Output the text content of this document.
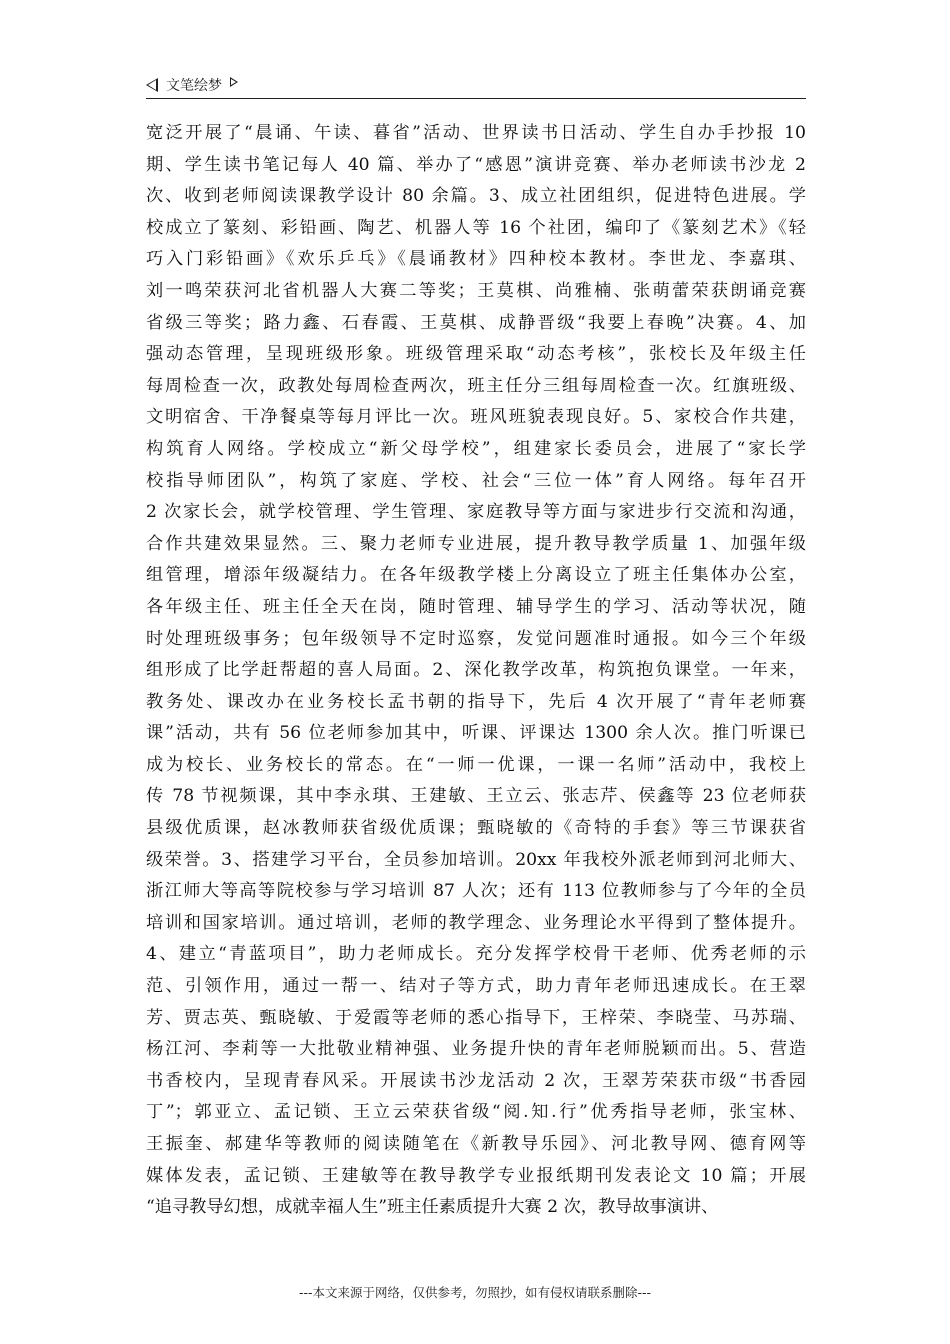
文笔绘梦
宽泛开展了“晨诵、午读、暮省”活动、世界读书日活动、学生自办手抄报 10
期、学生读书笔记每人 40 篇、举办了“感恩”演讲竞赛、举办老师读书沙龙 2
次、收到老师阅读课教学设计 80 余篇。3、成立社团组织，促进特色进展。学
校成立了篆刻、彩铅画、陶艺、机器人等 16 个社团，编印了《篆刻艺术》《轻
巧入门彩铅画》《欢乐乒乓》《晨诵教材》四种校本教材。李世龙、李嘉琪、
刘一鸣荣获河北省机器人大赛二等奖；王莫棋、尚雅楠、张萌蕾荣获朗诵竞赛
省级三等奖；路力鑫、石春霞、王莫棋、成静晋级“我要上春晚”决赛。4、加
强动态管理，呈现班级形象。班级管理采取“动态考核”，张校长及年级主任
每周检查一次，政教处每周检查两次，班主任分三组每周检查一次。红旗班级、
文明宿舍、干净餐桌等每月评比一次。班风班貌表现良好。5、家校合作共建，
构筑育人网络。学校成立“新父母学校”，组建家长委员会，进展了“家长学
校指导师团队”，构筑了家庭、学校、社会“三位一体”育人网络。每年召开
2 次家长会，就学校管理、学生管理、家庭教导等方面与家进步行交流和沟通，
合作共建效果显然。三、聚力老师专业进展，提升教导教学质量 1、加强年级
组管理，增添年级凝结力。在各年级教学楼上分离设立了班主任集体办公室，
各年级主任、班主任全天在岗，随时管理、辅导学生的学习、活动等状况，随
时处理班级事务；包年级领导不定时巡察，发觉问题准时通报。如今三个年级
组形成了比学赶帮超的喜人局面。2、深化教学改革，构筑抱负课堂。一年来，
教务处、课改办在业务校长孟书朝的指导下，先后 4 次开展了“青年老师赛
课”活动，共有 56 位老师参加其中，听课、评课达 1300 余人次。推门听课已
成为校长、业务校长的常态。在“一师一优课，一课一名师”活动中，我校上
传 78 节视频课，其中李永琪、王建敏、王立云、张志芹、侯鑫等 23 位老师获
县级优质课，赵冰教师获省级优质课；甄晓敏的《奇特的手套》等三节课获省
级荣誉。3、搭建学习平台，全员参加培训。20xx 年我校外派老师到河北师大、
浙江师大等高等院校参与学习培训 87 人次；还有 113 位教师参与了今年的全员
培训和国家培训。通过培训，老师的教学理念、业务理论水平得到了整体提升。
4、建立“青蓝项目”，助力老师成长。充分发挥学校骨干老师、优秀老师的示
范、引领作用，通过一帮一、结对子等方式，助力青年老师迅速成长。在王翠
芳、贾志英、甄晓敏、于爱霞等老师的悉心指导下，王梓荣、李晓莹、马苏瑞、
杨江河、李莉等一大批敬业精神强、业务提升快的青年老师脱颖而出。5、营造
书香校内，呈现青春风采。开展读书沙龙活动 2 次，王翠芳荣获市级“书香园
丁”；郭亚立、孟记锁、王立云荣获省级“阅.知.行”优秀指导老师，张宝林、
王振奎、郝建华等教师的阅读随笔在《新教导乐园》、河北教导网、德育网等
媒体发表，孟记锁、王建敏等在教导教学专业报纸期刊发表论文 10 篇；开展
“追寻教导幻想，成就幸福人生”班主任素质提升大赛 2 次，教导故事演讲、
---本文来源于网络，仅供参考，勿照抄，如有侵权请联系删除---
